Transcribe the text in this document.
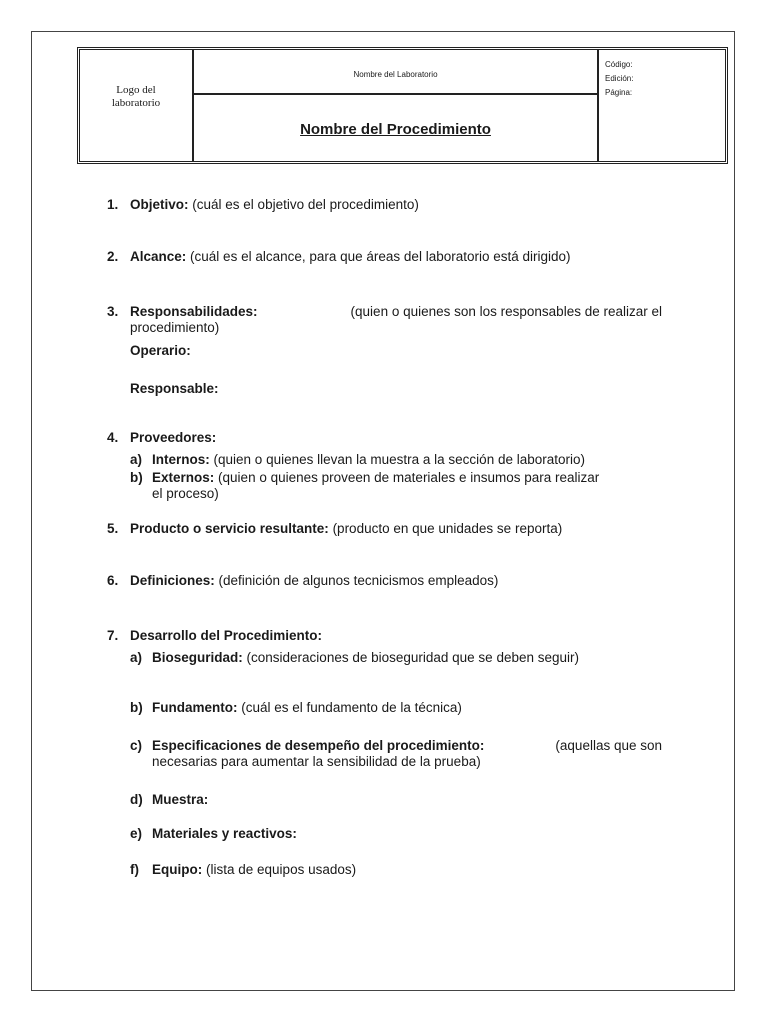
Logo del
laboratorio
Nombre del Laboratorio
Nombre del Procedimiento
Código:
Edición:
Página:
1. Objetivo: (cuál es el objetivo del procedimiento)
2. Alcance: (cuál es el alcance, para que áreas del laboratorio está dirigido)
3. Responsabilidades:	(quien o quienes son los responsables de realizar el
procedimiento)
Operario:
Responsable:
4. Proveedores:
a) Internos: (quien o quienes llevan la muestra a la sección de laboratorio)
b) Externos: (quien o quienes proveen de materiales e insumos para realizar
el proceso)
5. Producto o servicio resultante: (producto en que unidades se reporta)
6. Definiciones: (definición de algunos tecnicismos empleados)
7. Desarrollo del Procedimiento:
a) Bioseguridad: (consideraciones de bioseguridad que se deben seguir)
b) Fundamento: (cuál es el fundamento de la técnica)
c) Especificaciones de desempeño del procedimiento:	(aquellas que son
necesarias para aumentar la sensibilidad de la prueba)
d) Muestra:
e) Materiales y reactivos:
f) Equipo: (lista de equipos usados)
